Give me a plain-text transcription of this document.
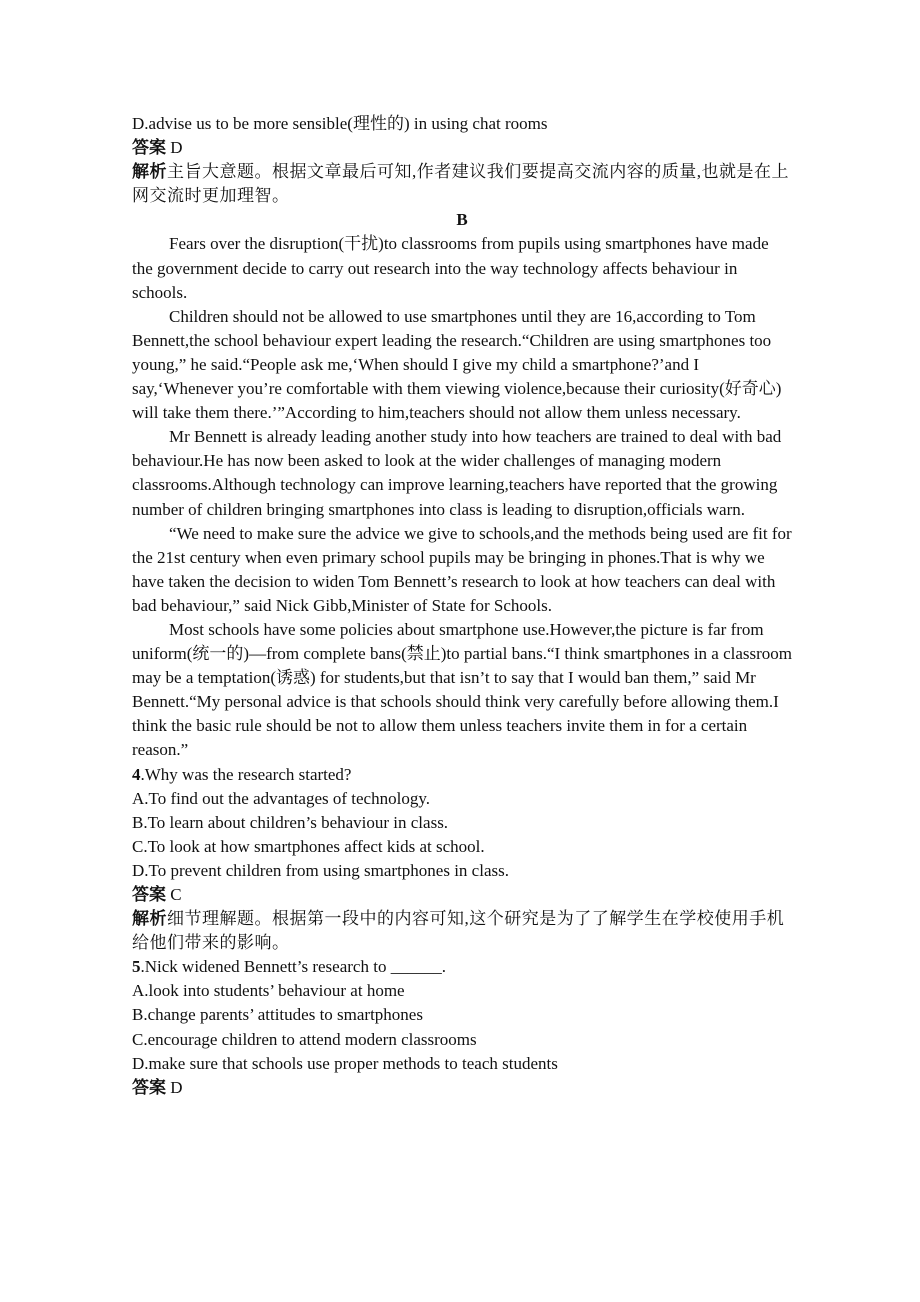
D.advise us to be more sensible(理性的) in using chat rooms

答案 D

解析主旨大意题。根据文章最后可知,作者建议我们要提高交流内容的质量,也就是在上网交流时更加理智。

B

Fears over the disruption(干扰)to classrooms from pupils using smartphones have made the government decide to carry out research into the way technology affects behaviour in schools.

Children should not be allowed to use smartphones until they are 16,according to Tom Bennett,the school behaviour expert leading the research.“Children are using smartphones too young,” he said.“People ask me,‘When should I give my child a smartphone?’and I say,‘Whenever you’re comfortable with them viewing violence,because their curiosity(好奇心) will take them there.’”According to him,teachers should not allow them unless necessary.

Mr Bennett is already leading another study into how teachers are trained to deal with bad behaviour.He has now been asked to look at the wider challenges of managing modern classrooms.Although technology can improve learning,teachers have reported that the growing number of children bringing smartphones into class is leading to disruption,officials warn.

“We need to make sure the advice we give to schools,and the methods being used are fit for the 21st century when even primary school pupils may be bringing in phones.That is why we have taken the decision to widen Tom Bennett’s research to look at how teachers can deal with bad behaviour,” said Nick Gibb,Minister of State for Schools.

Most schools have some policies about smartphone use.However,the picture is far from uniform(统一的)—from complete bans(禁止)to partial bans.“I think smartphones in a classroom may be a temptation(诱惑) for students,but that isn’t to say that I would ban them,” said Mr Bennett.“My personal advice is that schools should think very carefully before allowing them.I think the basic rule should be not to allow them unless teachers invite them in for a certain reason.”

4.Why was the research started?

A.To find out the advantages of technology.

B.To learn about children’s behaviour in class.

C.To look at how smartphones affect kids at school.

D.To prevent children from using smartphones in class.

答案 C

解析细节理解题。根据第一段中的内容可知,这个研究是为了了解学生在学校使用手机给他们带来的影响。

5.Nick widened Bennett’s research to ______.

A.look into students’ behaviour at home

B.change parents’ attitudes to smartphones

C.encourage children to attend modern classrooms

D.make sure that schools use proper methods to teach students

答案 D
